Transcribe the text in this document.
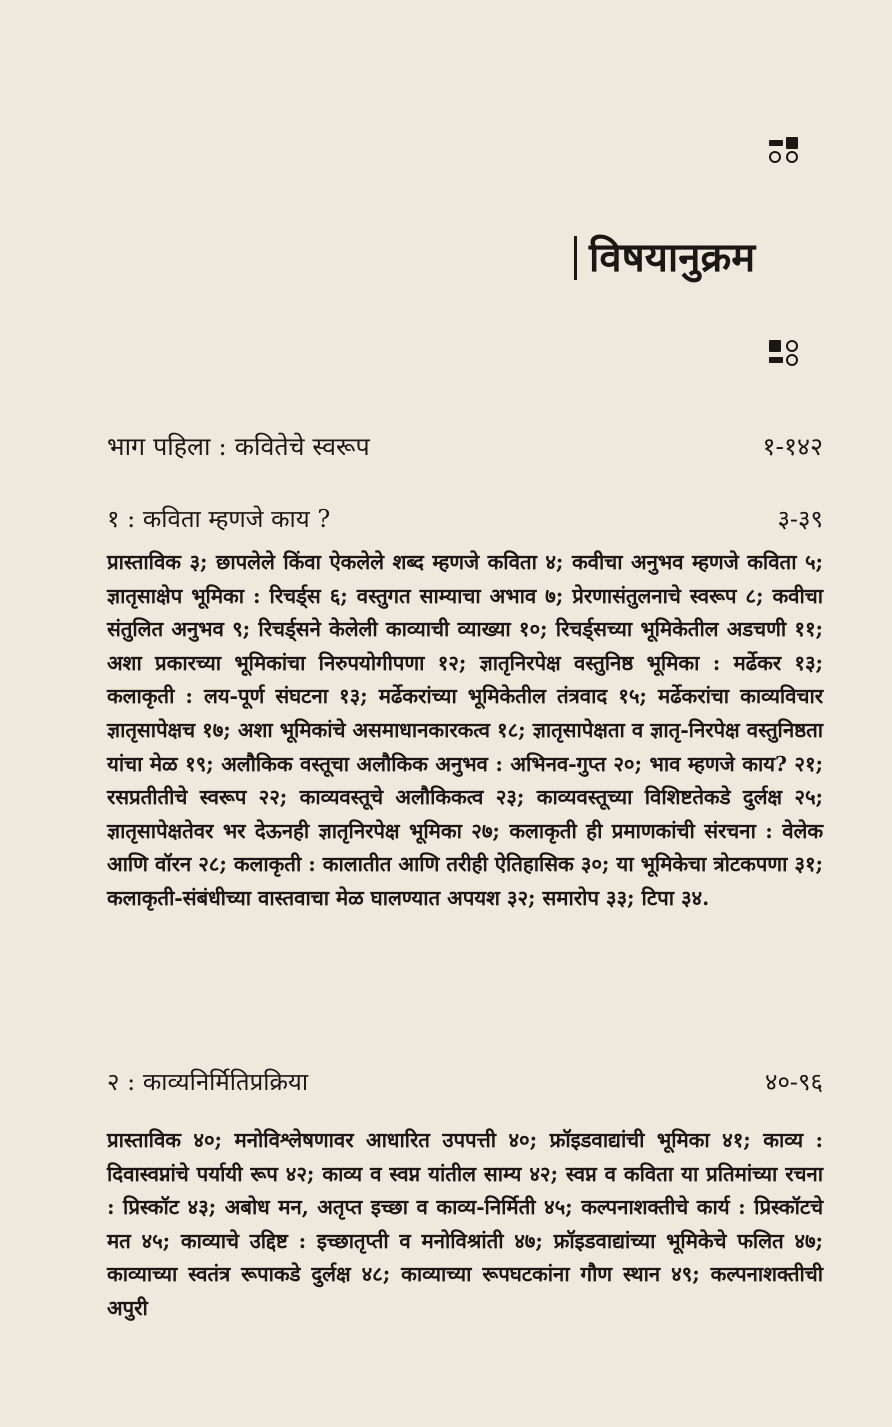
विषयानुक्रम
भाग पहिला : कवितेचे स्वरूप	१-१४२
१ : कविता म्हणजे काय ?	३-३९

प्रास्ताविक ३; छापलेले किंवा ऐकलेले शब्द म्हणजे कविता ४; कवीचा अनुभव म्हणजे कविता ५; ज्ञातृसाक्षेप भूमिका : रिचर्ड्स ६; वस्तुगत साम्याचा अभाव ७; प्रेरणासंतुलनाचे स्वरूप ८; कवीचा संतुलित अनुभव ९; रिचर्ड्सने केलेली काव्याची व्याख्या १०; रिचर्ड्सच्या भूमिकेतील अडचणी ११; अशा प्रकारच्या भूमिकांचा निरुपयोगीपणा १२; ज्ञातृनिरपेक्ष वस्तुनिष्ठ भूमिका : मर्ढेकर १३; कलाकृती : लय-पूर्ण संघटना १३; मर्ढेकरांच्या भूमिकेतील तंत्रवाद १५; मर्ढेकरांचा काव्यविचार ज्ञातृसापेक्षच १७; अशा भूमिकांचे असमाधानकारकत्व १८; ज्ञातृसापेक्षता व ज्ञातृ-निरपेक्ष वस्तुनिष्ठता यांचा मेळ १९; अलौकिक वस्तूचा अलौकिक अनुभव : अभिनव-गुप्त २०; भाव म्हणजे काय? २१; रसप्रतीतीचे स्वरूप २२; काव्यवस्तूचे अलौकिकत्व २३; काव्यवस्तूच्या विशिष्टतेकडे दुर्लक्ष २५; ज्ञातृसापेक्षतेवर भर देऊनही ज्ञातृनिरपेक्ष भूमिका २७; कलाकृती ही प्रमाणकांची संरचना : वेलेक आणि वॉरन २८; कलाकृती : कालातीत आणि तरीही ऐतिहासिक ३०; या भूमिकेचा त्रोटकपणा ३१; कलाकृती-संबंधीच्या वास्तवाचा मेळ घालण्यात अपयश ३२; समारोप ३३; टिपा ३४.

२ : काव्यनिर्मितिप्रक्रिया	४०-९६

प्रास्ताविक ४०; मनोविश्लेषणावर आधारित उपपत्ती ४०; फ्रॉइडवाद्यांची भूमिका ४१; काव्य : दिवास्वप्नांचे पर्यायी रूप ४२; काव्य व स्वप्न यांतील साम्य ४२; स्वप्न व कविता या प्रतिमांच्या रचना : प्रिस्कॉट ४३; अबोध मन, अतृप्त इच्छा व काव्य-निर्मिती ४५; कल्पनाशक्तीचे कार्य : प्रिस्कॉटचे मत ४५; काव्याचे उद्दिष्ट : इच्छातृप्ती व मनोविश्रांती ४७; फ्रॉइडवाद्यांच्या भूमिकेचे फलित ४७; काव्याच्या स्वतंत्र रूपाकडे दुर्लक्ष ४८; काव्याच्या रूपघटकांना गौण स्थान ४९; कल्पनाशक्तीची अपुरी
